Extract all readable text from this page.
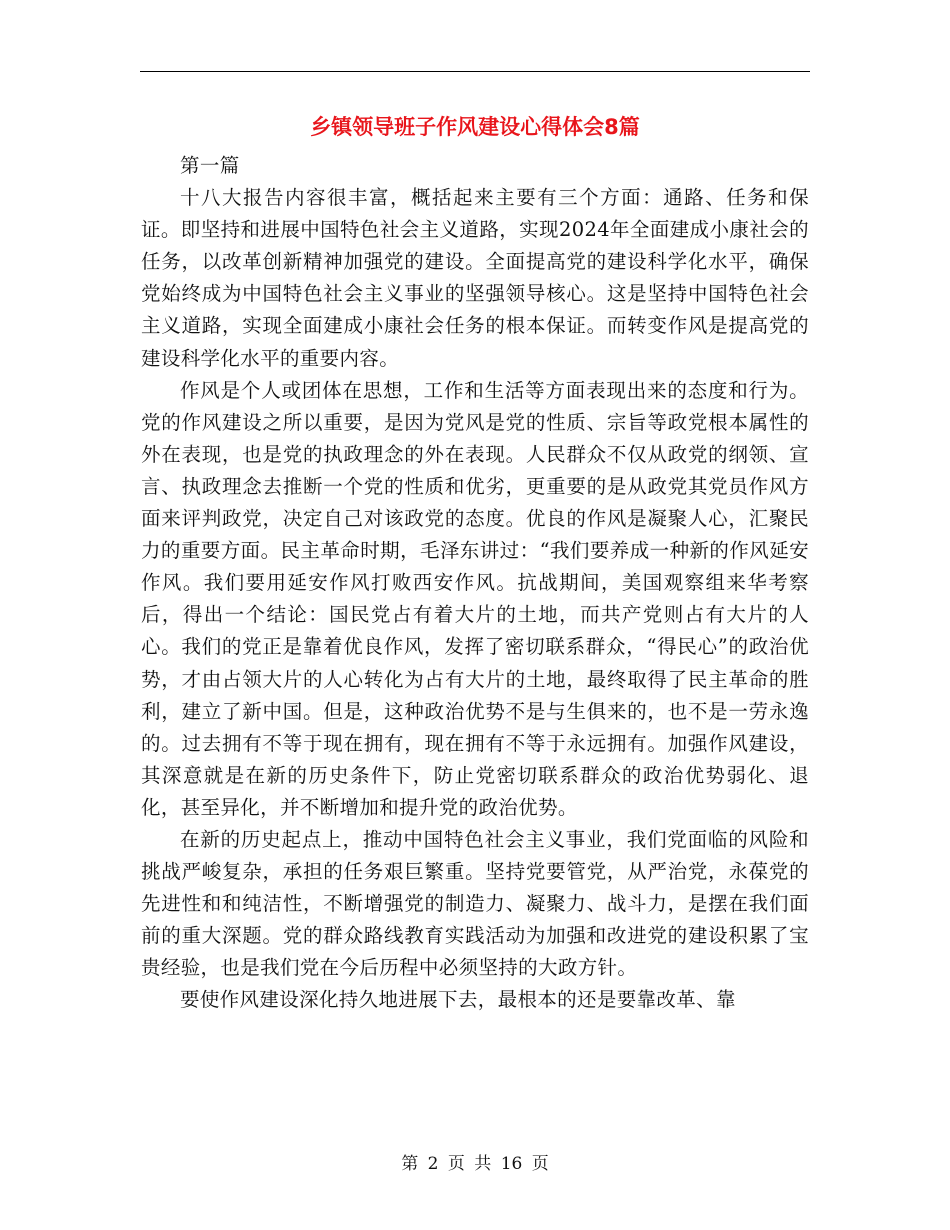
乡镇领导班子作风建设心得体会8篇

第一篇

十八大报告内容很丰富，概括起来主要有三个方面：通路、任务和保证。即坚持和进展中国特色社会主义道路，实现2024年全面建成小康社会的任务，以改革创新精神加强党的建设。全面提高党的建设科学化水平，确保党始终成为中国特色社会主义事业的坚强领导核心。这是坚持中国特色社会主义道路，实现全面建成小康社会任务的根本保证。而转变作风是提高党的建设科学化水平的重要内容。

作风是个人或团体在思想，工作和生活等方面表现出来的态度和行为。党的作风建设之所以重要，是因为党风是党的性质、宗旨等政党根本属性的外在表现，也是党的执政理念的外在表现。人民群众不仅从政党的纲领、宣言、执政理念去推断一个党的性质和优劣，更重要的是从政党其党员作风方面来评判政党，决定自己对该政党的态度。优良的作风是凝聚人心，汇聚民力的重要方面。民主革命时期，毛泽东讲过：“我们要养成一种新的作风延安作风。我们要用延安作风打败西安作风。抗战期间，美国观察组来华考察后，得出一个结论：国民党占有着大片的土地，而共产党则占有大片的人心。我们的党正是靠着优良作风，发挥了密切联系群众，“得民心”的政治优势，才由占领大片的人心转化为占有大片的土地，最终取得了民主革命的胜利，建立了新中国。但是，这种政治优势不是与生俱来的，也不是一劳永逸的。过去拥有不等于现在拥有，现在拥有不等于永远拥有。加强作风建设，其深意就是在新的历史条件下，防止党密切联系群众的政治优势弱化、退化，甚至异化，并不断增加和提升党的政治优势。

在新的历史起点上，推动中国特色社会主义事业，我们党面临的风险和挑战严峻复杂，承担的任务艰巨繁重。坚持党要管党，从严治党，永葆党的先进性和和纯洁性，不断增强党的制造力、凝聚力、战斗力，是摆在我们面前的重大深题。党的群众路线教育实践活动为加强和改进党的建设积累了宝贵经验，也是我们党在今后历程中必须坚持的大政方针。

要使作风建设深化持久地进展下去，最根本的还是要靠改革、靠

第 2 页 共 16 页
